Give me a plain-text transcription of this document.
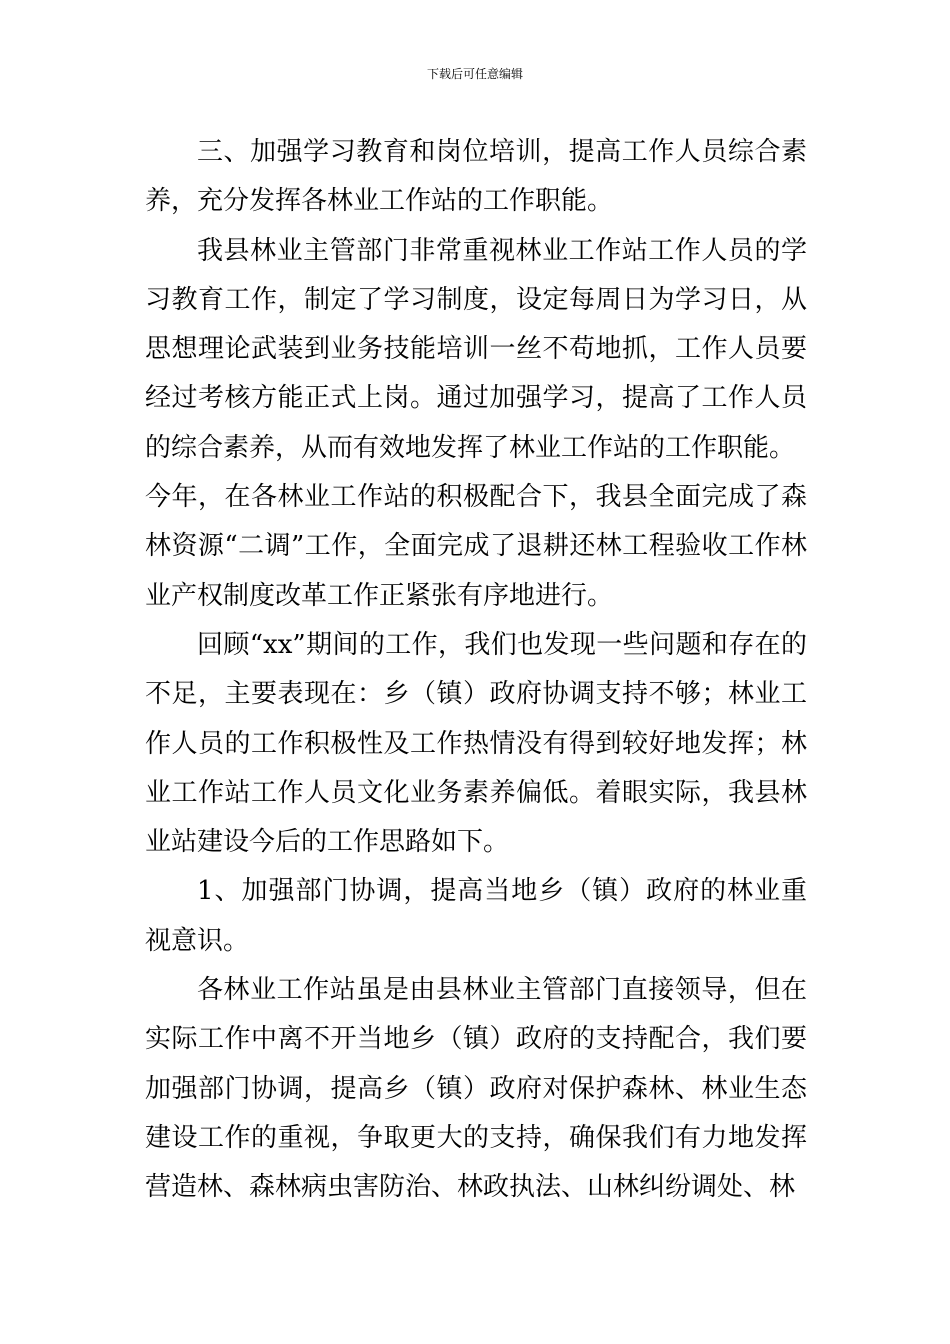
下载后可任意编辑

三、加强学习教育和岗位培训，提高工作人员综合素养，充分发挥各林业工作站的工作职能。

我县林业主管部门非常重视林业工作站工作人员的学习教育工作，制定了学习制度，设定每周日为学习日，从思想理论武装到业务技能培训一丝不苟地抓，工作人员要经过考核方能正式上岗。通过加强学习，提高了工作人员的综合素养，从而有效地发挥了林业工作站的工作职能。

今年，在各林业工作站的积极配合下，我县全面完成了森林资源“二调”工作，全面完成了退耕还林工程验收工作林业产权制度改革工作正紧张有序地进行。

回顾“xx”期间的工作，我们也发现一些问题和存在的不足，主要表现在：乡（镇）政府协调支持不够；林业工作人员的工作积极性及工作热情没有得到较好地发挥；林业工作站工作人员文化业务素养偏低。着眼实际，我县林业站建设今后的工作思路如下。

1、加强部门协调，提高当地乡（镇）政府的林业重视意识。

各林业工作站虽是由县林业主管部门直接领导，但在实际工作中离不开当地乡（镇）政府的支持配合，我们要加强部门协调，提高乡（镇）政府对保护森林、林业生态建设工作的重视，争取更大的支持，确保我们有力地发挥营造林、森林病虫害防治、林政执法、山林纠纷调处、林
